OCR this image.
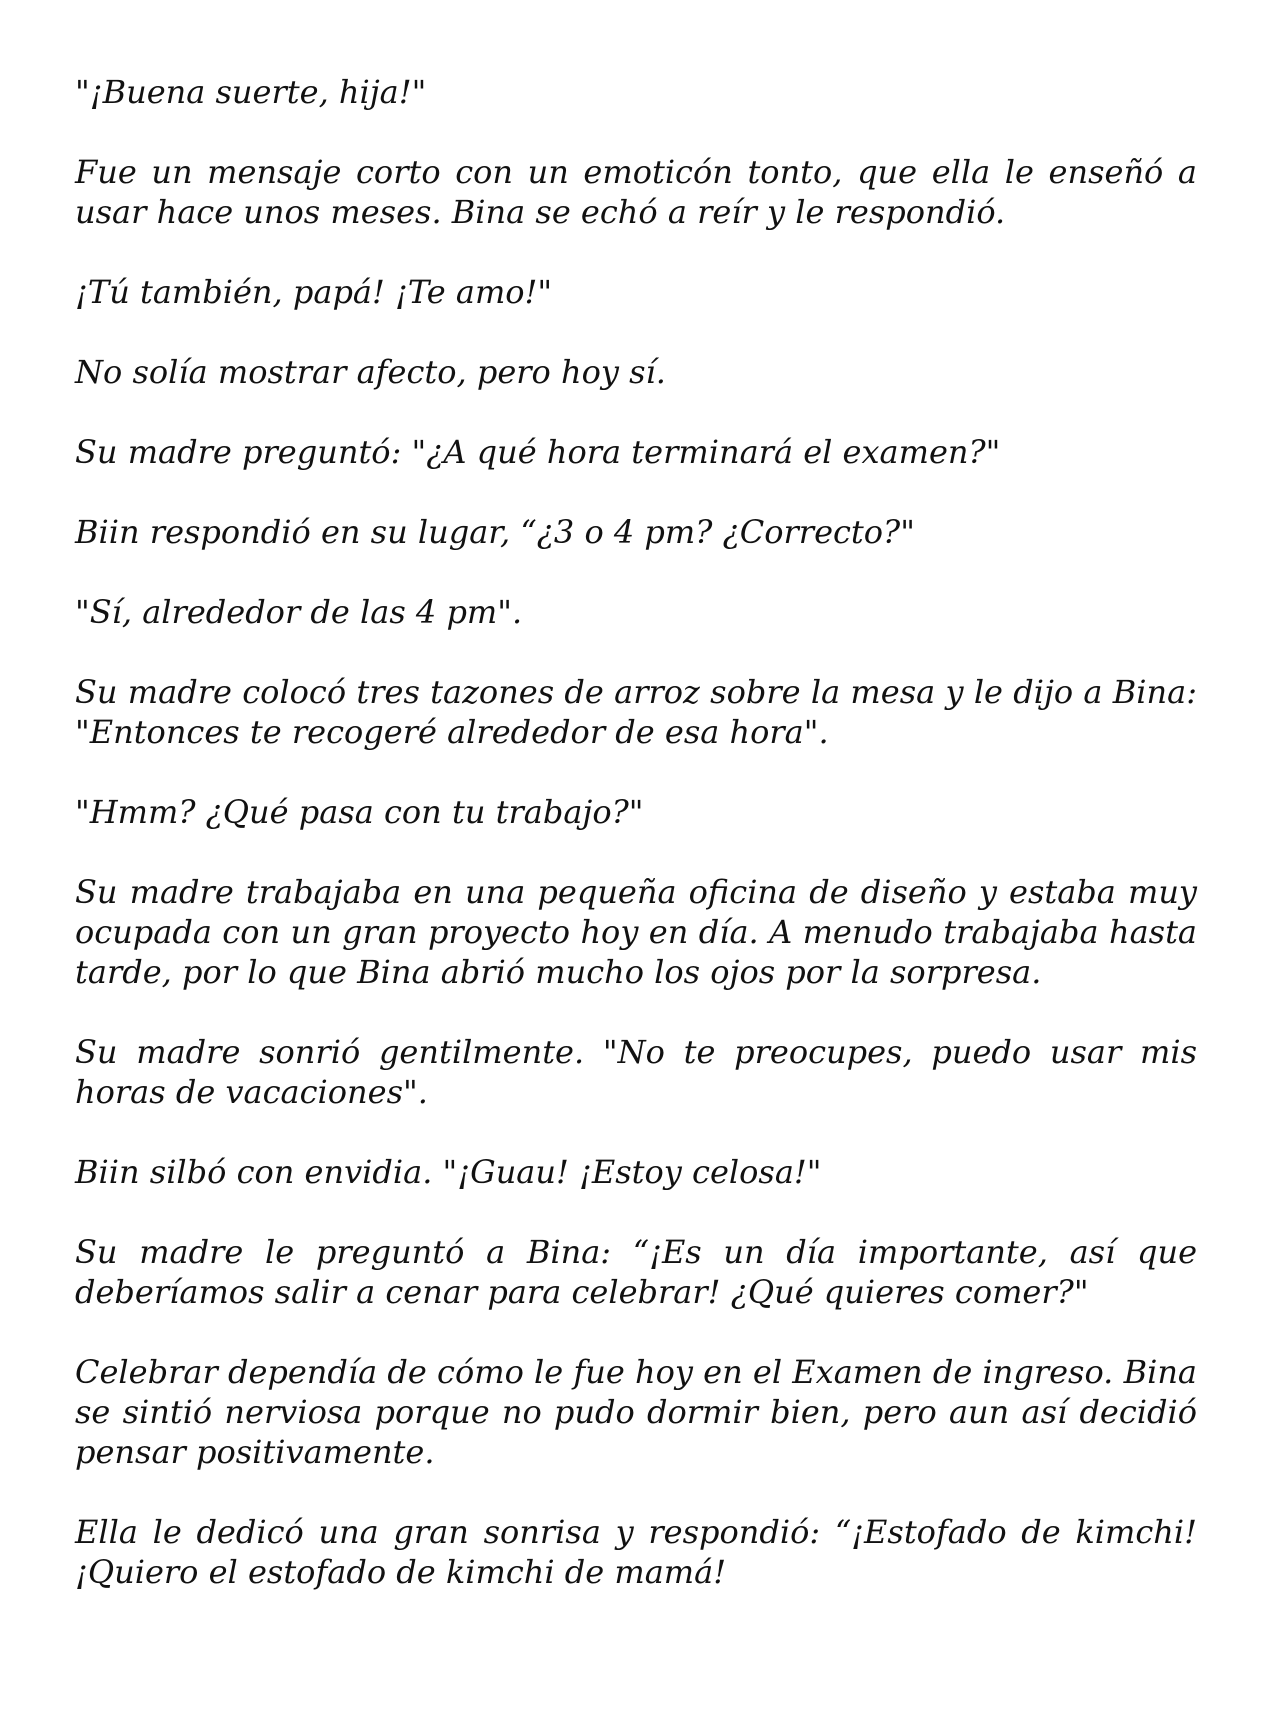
"¡Buena suerte, hija!"

Fue un mensaje corto con un emoticón tonto, que ella le enseñó a usar hace unos meses. Bina se echó a reír y le respondió.

¡Tú también, papá! ¡Te amo!"

No solía mostrar afecto, pero hoy sí.

Su madre preguntó: "¿A qué hora terminará el examen?"

Biin respondió en su lugar, “¿3 o 4 pm? ¿Correcto?"

"Sí, alrededor de las 4 pm".

Su madre colocó tres tazones de arroz sobre la mesa y le dijo a Bina: "Entonces te recogeré alrededor de esa hora".

"Hmm? ¿Qué pasa con tu trabajo?"

Su madre trabajaba en una pequeña oficina de diseño y estaba muy ocupada con un gran proyecto hoy en día. A menudo trabajaba hasta tarde, por lo que Bina abrió mucho los ojos por la sorpresa.

Su madre sonrió gentilmente. "No te preocupes, puedo usar mis horas de vacaciones".

Biin silbó con envidia. "¡Guau! ¡Estoy celosa!"

Su madre le preguntó a Bina: “¡Es un día importante, así que deberíamos salir a cenar para celebrar! ¿Qué quieres comer?"

Celebrar dependía de cómo le fue hoy en el Examen de ingreso. Bina se sintió nerviosa porque no pudo dormir bien, pero aun así decidió pensar positivamente.

Ella le dedicó una gran sonrisa y respondió: “¡Estofado de kimchi! ¡Quiero el estofado de kimchi de mamá!
